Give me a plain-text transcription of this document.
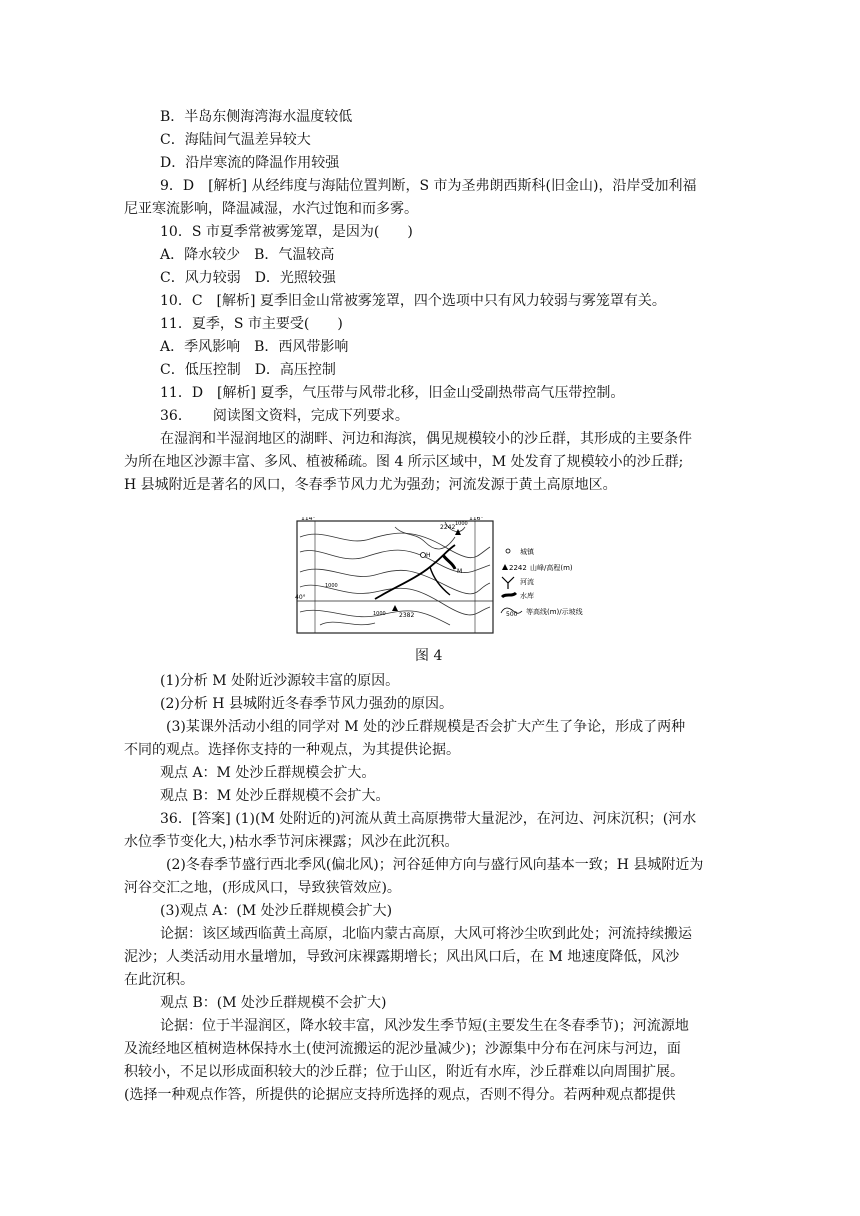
B．半岛东侧海湾海水温度较低
C．海陆间气温差异较大
D．沿岸寒流的降温作用较强
9．D　[解析] 从经纬度与海陆位置判断，S 市为圣弗朗西斯科(旧金山)，沿岸受加利福
尼亚寒流影响，降温减湿，水汽过饱和而多雾。
10．S 市夏季常被雾笼罩，是因为(　　)
A．降水较少　B．气温较高
C．风力较弱　D．光照较强
10．C　[解析] 夏季旧金山常被雾笼罩，四个选项中只有风力较弱与雾笼罩有关。
11．夏季，S 市主要受(　　)
A．季风影响　B．西风带影响
C．低压控制　D．高压控制
11．D　[解析] 夏季，气压带与风带北移，旧金山受副热带高气压带控制。
36．　　阅读图文资料，完成下列要求。
在湿润和半湿润地区的湖畔、河边和海滨，偶见规模较小的沙丘群，其形成的主要条件
为所在地区沙源丰富、多风、植被稀疏。图 4 所示区域中，M 处发育了规模较小的沙丘群;
H 县城附近是著名的风口，冬春季节风力尤为强劲；河流发源于黄土高原地区。
(1)分析 M 处附近沙源较丰富的原因。
(2)分析 H 县城附近冬春季节风力强劲的原因。
(3)某课外活动小组的同学对 M 处的沙丘群规模是否会扩大产生了争论，形成了两种
不同的观点。选择你支持的一种观点，为其提供论据。
观点 A：M 处沙丘群规模会扩大。
观点 B：M 处沙丘群规模不会扩大。
36．[答案] (1)(M 处附近的)河流从黄土高原携带大量泥沙，在河边、河床沉积；(河水
水位季节变化大，)枯水季节河床裸露；风沙在此沉积。
(2)冬春季节盛行西北季风(偏北风)；河谷延伸方向与盛行风向基本一致；H 县城附近为
河谷交汇之地，(形成风口，导致狭管效应)。
(3)观点 A：(M 处沙丘群规模会扩大)
论据：该区域西临黄土高原，北临内蒙古高原，大风可将沙尘吹到此处；河流持续搬运
泥沙；人类活动用水量增加，导致河床裸露期增长；风出风口后，在 M 地速度降低，风沙
在此沉积。
观点 B：(M 处沙丘群规模不会扩大)
论据：位于半湿润区，降水较丰富，风沙发生季节短(主要发生在冬春季节)；河流源地
及流经地区植树造林保持水土(使河流搬运的泥沙量减少)；沙源集中分布在河床与河边，面
积较小，不足以形成面积较大的沙丘群；位于山区，附近有水库，沙丘群难以向周围扩展。
(选择一种观点作答，所提供的论据应支持所选择的观点，否则不得分。若两种观点都提供
114°	116°
40°
2242
2382
1000
1000
1000
H
M
城镇
2242 山峰/高程(m)
河流
水库
500 等高线(m)/示坡线
图 4
